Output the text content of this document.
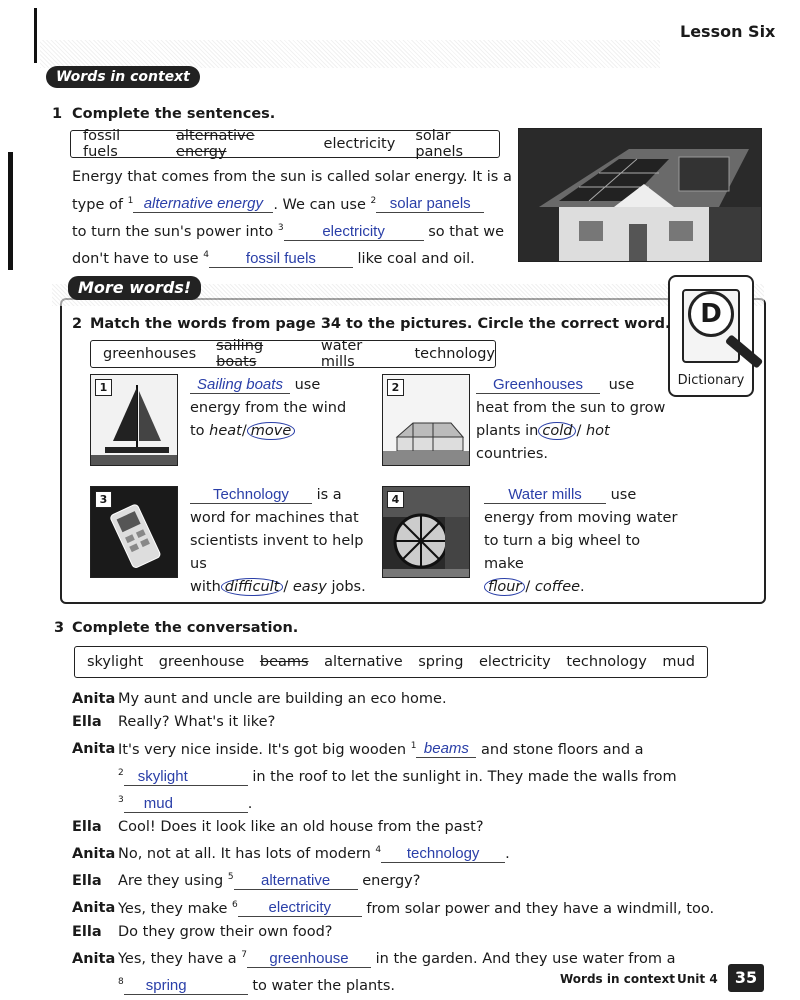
Lesson Six
Words in context
1 Complete the sentences.
fossil fuels
alternative energy	electricity solar panels
Energy that comes from the sun is called solar energy. It is a
type of $^1$ alternative energy . We can use $^2$ solar panels
to turn the sun's power into $^3$	electricity	so that we
don't have to use $^4$ fossil fuels	like coal and oil.
More words!
D
Dictionary
2 Match the words from page 34 to the pictures. Circle the correct word.
greenhouses sailing boats
water mills	technology
1	Sailing boats use
energy from the wind
to heat/ move
2	Greenhouses use
heat from the sun to grow
plants in cold / hot
countries.
3	Technology is a
word for machines that
scientists invent to help us
with difficult / easy jobs.
4	Water mills use
energy from moving water
to turn a big wheel to make
flour / coffee.
3 Complete the conversation.
skylight greenhouse beams alternative spring electricity technology mud
Anita My aunt and uncle are building an eco home.
Ella Really? What's it like?
Anita It's very nice inside. It's got big wooden $^1$ beams and stone floors and a
$^2$ skylight	in the roof to let the sunlight in. They made the walls from
$^3$ mud	.
Ella Cool! Does it look like an old house from the past?
Anita No, not at all. It has lots of modern $^4$ technology .
Ella Are they using $^5$ alternative energy?
Anita Yes, they make $^6$ electricity from solar power and they have a windmill, too.
Ella Do they grow their own food?
Anita Yes, they have a $^7$ greenhouse in the garden. And they use water from a
$^8$ spring	to water the plants.	Words in context Unit 4	35
